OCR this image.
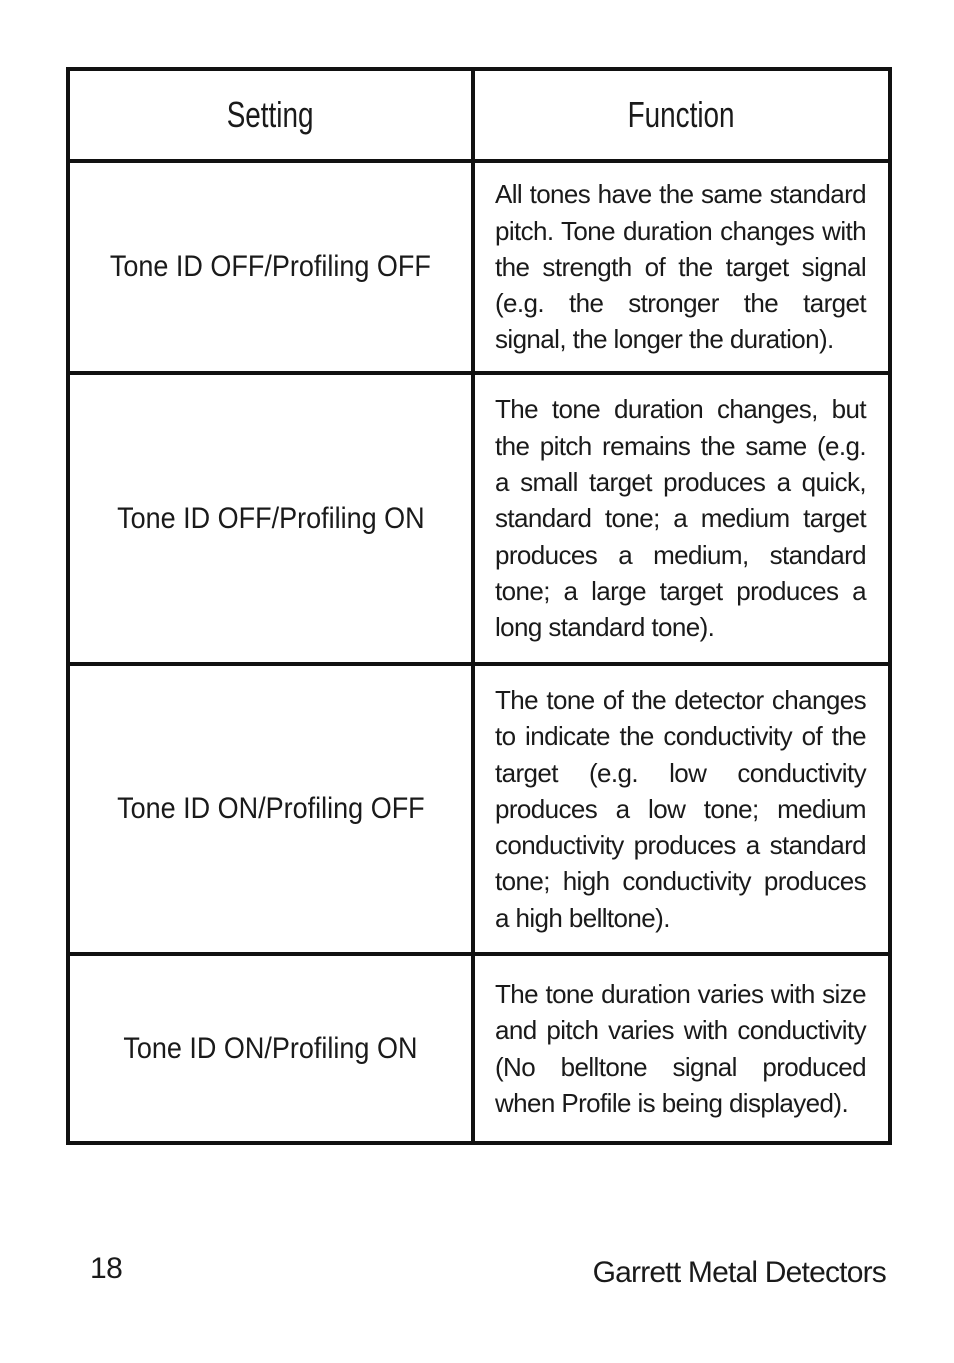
Setting	Function
Tone ID OFF/Profiling OFF	All tones have the same standard pitch. Tone duration changes with the strength of the target signal (e.g. the stronger the target signal, the longer the duration).

Tone ID OFF/Profiling ON	The tone duration changes, but the pitch remains the same (e.g. a small target produces a quick, standard tone; a medium target produces a medium, standard tone; a large target produces a long standard tone).

Tone ID ON/Profiling OFF	The tone of the detector changes to indicate the conductivity of the target (e.g. low conductivity produces a low tone; medium conductivity produces a standard tone; high conductivity produces a high belltone).

Tone ID ON/Profiling ON	The tone duration varies with size and pitch varies with conductivity (No belltone signal produced when Profile is being displayed).
18	Garrett Metal Detectors
